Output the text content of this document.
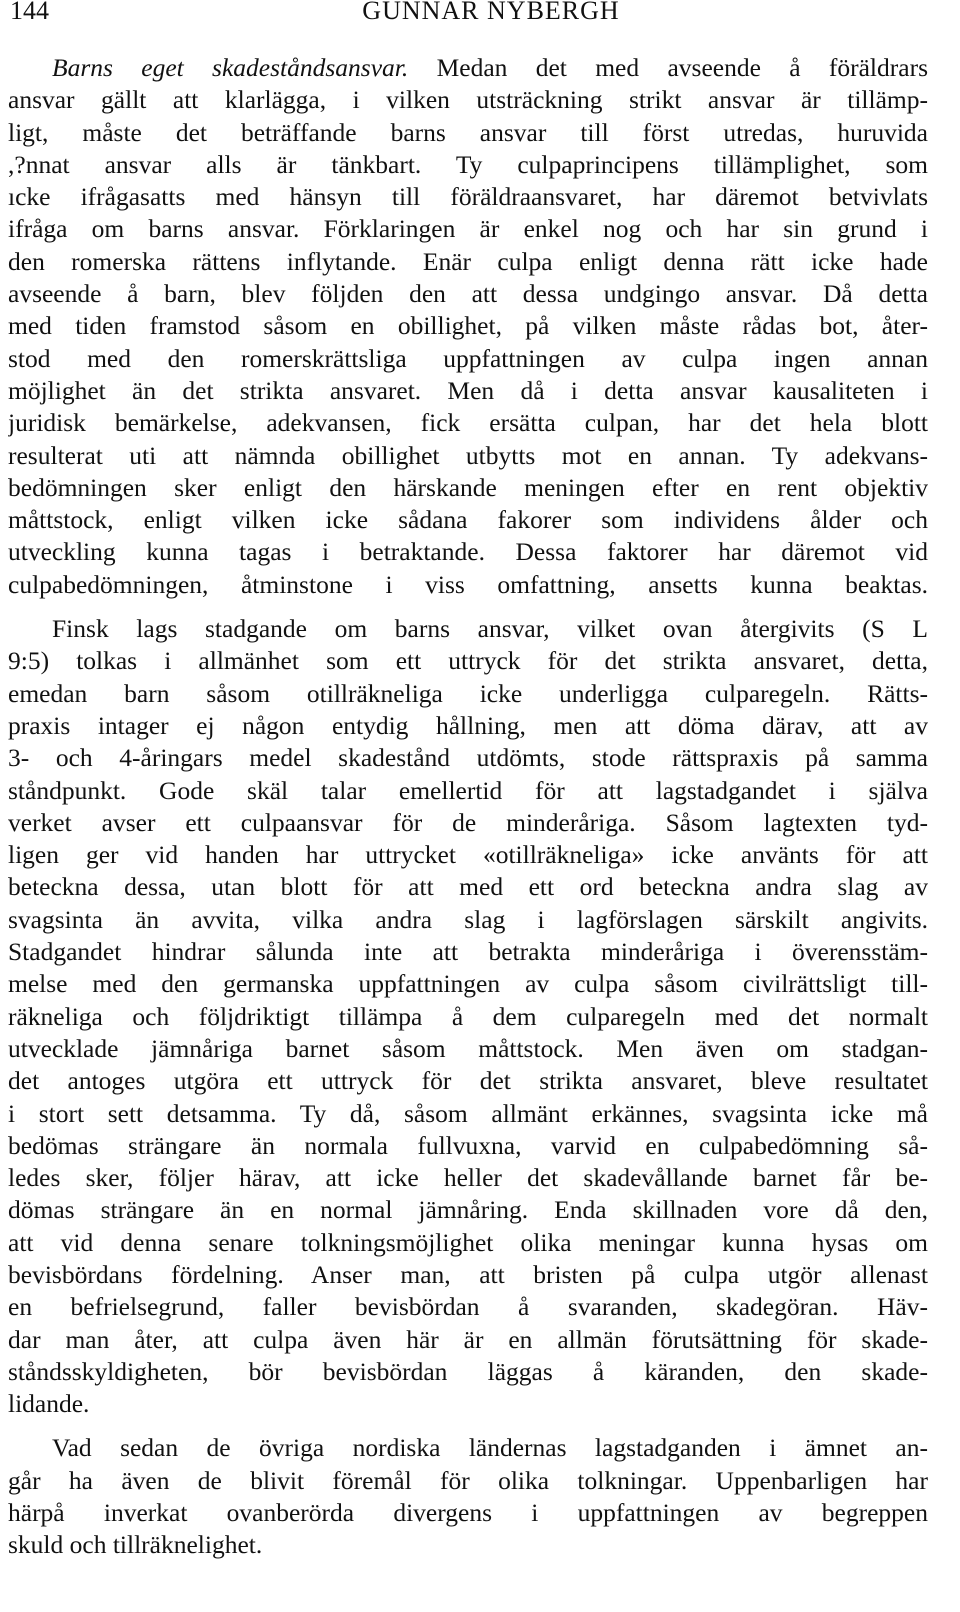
144	GUNNAR NYBERGH
Barns eget skadeståndsansvar. Medan det med avseende å föräldrars
ansvar gällt att klarlägga, i vilken utsträckning strikt ansvar är tillämp-
ligt, måste det beträffande barns ansvar till först utredas, huruvida
,?nnat ansvar alls är tänkbart. Ty culpaprincipens tillämplighet, som
ıcke ifrågasatts med hänsyn till föräldraansvaret, har däremot betvivlats
ifråga om barns ansvar. Förklaringen är enkel nog och har sin grund i
den romerska rättens inflytande. Enär culpa enligt denna rätt icke hade
avseende å barn, blev följden den att dessa undgingo ansvar. Då detta
med tiden framstod såsom en obillighet, på vilken måste rådas bot, åter-
stod med den romerskrättsliga uppfattningen av culpa ingen annan
möjlighet än det strikta ansvaret. Men då i detta ansvar kausaliteten i
juridisk bemärkelse, adekvansen, fick ersätta culpan, har det hela blott
resulterat uti att nämnda obillighet utbytts mot en annan. Ty adekvans-
bedömningen sker enligt den härskande meningen efter en rent objektiv
måttstock, enligt vilken icke sådana fakorer som individens ålder och
utveckling kunna tagas i betraktande. Dessa faktorer har däremot vid
culpabedömningen, åtminstone i viss omfattning, ansetts kunna beaktas.
Finsk lags stadgande om barns ansvar, vilket ovan återgivits (S L
9:5) tolkas i allmänhet som ett uttryck för det strikta ansvaret, detta,
emedan barn såsom otillräkneliga icke underligga culparegeln. Rätts-
praxis intager ej någon entydig hållning, men att döma därav, att av
3- och 4-åringars medel skadestånd utdömts, stode rättspraxis på samma
ståndpunkt. Gode skäl talar emellertid för att lagstadgandet i själva
verket avser ett culpaansvar för de minderåriga. Såsom lagtexten tyd-
ligen ger vid handen har uttrycket «otillräkneliga» icke använts för att
beteckna dessa, utan blott för att med ett ord beteckna andra slag av
svagsinta än avvita, vilka andra slag i lagförslagen särskilt angivits.
Stadgandet hindrar sålunda inte att betrakta minderåriga i överensstäm-
melse med den germanska uppfattningen av culpa såsom civilrättsligt till-
räkneliga och följdriktigt tillämpa å dem culparegeln med det normalt
utvecklade jämnåriga barnet såsom måttstock. Men även om stadgan-
det antoges utgöra ett uttryck för det strikta ansvaret, bleve resultatet
i stort sett detsamma. Ty då, såsom allmänt erkännes, svagsinta icke må
bedömas strängare än normala fullvuxna, varvid en culpabedömning så-
ledes sker, följer härav, att icke heller det skadevållande barnet får be-
dömas strängare än en normal jämnåring. Enda skillnaden vore då den,
att vid denna senare tolkningsmöjlighet olika meningar kunna hysas om
bevisbördans fördelning. Anser man, att bristen på culpa utgör allenast
en befrielsegrund, faller bevisbördan å svaranden, skadegöran. Häv-
dar man åter, att culpa även här är en allmän förutsättning för skade-
ståndsskyldigheten, bör bevisbördan läggas å käranden, den skade-
lidande.
Vad sedan de övriga nordiska ländernas lagstadganden i ämnet an-
går ha även de blivit föremål för olika tolkningar. Uppenbarligen har
härpå inverkat ovanberörda divergens i uppfattningen av begreppen
skuld och tillräknelighet.
